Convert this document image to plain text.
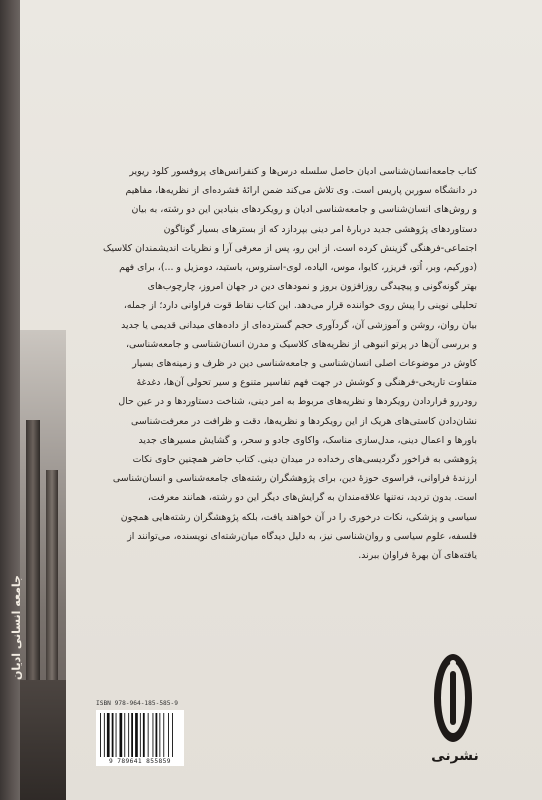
جامعه انسانی ادیان

کتاب جامعه‌انسان‌شناسی ادیان حاصل سلسله درس‌ها و کنفرانس‌های پروفسور کلود ریویر

در دانشگاه سوربن پاریس است. وی تلاش می‌کند ضمن ارائهٔ فشرده‌ای از نظریه‌ها، مفاهیم

و روش‌های انسان‌شناسی و جامعه‌شناسی ادیان و رویکردهای بنیادین این دو رشته، به بیان

دستاوردهای پژوهشی جدید دربارهٔ امر دینی بپردازد که از بسترهای بسیار گوناگون

اجتماعی-فرهنگی گزینش کرده است. از این رو، پس از معرفی آرا و نظریات اندیشمندان کلاسیک

(دورکیم، وبر، اُتو، فریزر، کایوا، موس، الیاده، لوی-استروس، باستید، دومزیل و ...)، برای فهم

بهتر گونه‌گونی و پیچیدگی روزافزون بروز و نمودهای دین در جهان امروز، چارچوب‌های

تحلیلی نوینی را پیش روی خواننده قرار می‌دهد. این کتاب نقاط قوت فراوانی دارد؛ از جمله،

بیان روان، روشن و آموزشی آن، گردآوری حجم گسترده‌ای از داده‌های میدانی قدیمی یا جدید

و بررسی آن‌ها در پرتو انبوهی از نظریه‌های کلاسیک و مدرن انسان‌شناسی و جامعه‌شناسی،

کاوش در موضوعات اصلی انسان‌شناسی و جامعه‌شناسی دین در ظرف و زمینه‌های بسیار

متفاوت تاریخی-فرهنگی و کوشش در جهت فهم تفاسیر متنوع و سیر تحولی آن‌ها، دغدغهٔ

رودررو قراردادن رویکردها و نظریه‌های مربوط به امر دینی، شناخت دستاوردها و در عین حال

نشان‌دادن کاستی‌های هریک از این رویکردها و نظریه‌ها، دقت و ظرافت در معرفت‌شناسی

باورها و اعمال دینی، مدل‌سازی مناسک، واکاوی جادو و سحر، و گشایش مسیرهای جدید

پژوهشی به فراخور دگردیسی‌های رخداده در میدان دینی. کتاب حاضر همچنین حاوی نکات

ارزندهٔ فراوانی، فراسوی حوزهٔ دین، برای پژوهشگران رشته‌های جامعه‌شناسی و انسان‌شناسی

است. بدون تردید، نه‌تنها علاقه‌مندان به گرایش‌های دیگر این دو رشته، همانند معرفت،

سیاسی و پزشکی، نکات درخوری را در آن خواهند یافت، بلکه پژوهشگران رشته‌هایی همچون

فلسفه، علوم سیاسی و روان‌شناسی نیز، به دلیل دیدگاه میان‌رشته‌ای نویسنده، می‌توانند از

یافته‌های آن بهرهٔ فراوان ببرند.

ISBN 978-964-185-585-9
9 789641 855859	نشرنی
